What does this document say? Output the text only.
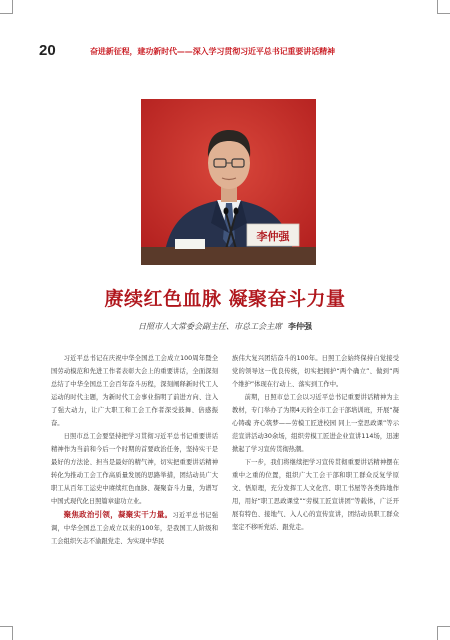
20	奋进新征程，建功新时代——深入学习贯彻习近平总书记重要讲话精神
李仲强
赓续红色血脉 凝聚奋斗力量
日照市人大常委会副主任、市总工会主席 李仲强

习近平总书记在庆祝中华全国总工会成立100周年暨全国劳动模范和先进工作者表彰大会上的重要讲话，全面深刻总结了中华全国总工会百年奋斗历程，深刻阐释新时代工人运动的时代主题，为新时代工会事业指明了前进方向、注入了强大动力，让广大职工和工会工作者深受鼓舞、倍感振奋。

日照市总工会要坚持把学习贯彻习近平总书记重要讲话精神作为当前和今后一个时期的首要政治任务，坚持实干是最好的方法论、担当是最好的精气神，切实把重要讲话精神转化为推动工会工作高质量发展的思路举措，团结动员广大职工从百年工运史中赓续红色血脉、凝聚奋斗力量，为谱写中国式现代化日照篇章建功立业。

聚焦政治引领，凝聚实干力量。习近平总书记强调，中华全国总工会成立以来的100年，是我国工人阶级和工会组织矢志不渝跟党走、为实现中华民

族伟大复兴团结奋斗的100年。日照工会始终保持自觉接受党的领导这一优良传统，切实把拥护“两个确立”、做到“两个维护”体现在行动上、落实到工作中。

前期，日照市总工会以习近平总书记重要讲话精神为主教材，专门举办了为期4天的全市工会干部培训班，开展“凝心铸魂 齐心筑梦——劳模工匠进校园 同上一堂思政课”等示范宣讲活动30余场，组织劳模工匠进企业宣讲114场，迅速掀起了学习宣传贯彻热潮。

下一步，我们将继续把学习宣传贯彻重要讲话精神摆在重中之重的位置，组织广大工会干部和职工群众反复学原文、悟原理，充分发挥工人文化宫、职工书屋等各类阵地作用，用好“职工思政课堂”“劳模工匠宣讲团”等载体，广泛开展有特色、接地气、入人心的宣传宣讲，团结动员职工群众坚定不移听党话、跟党走。
